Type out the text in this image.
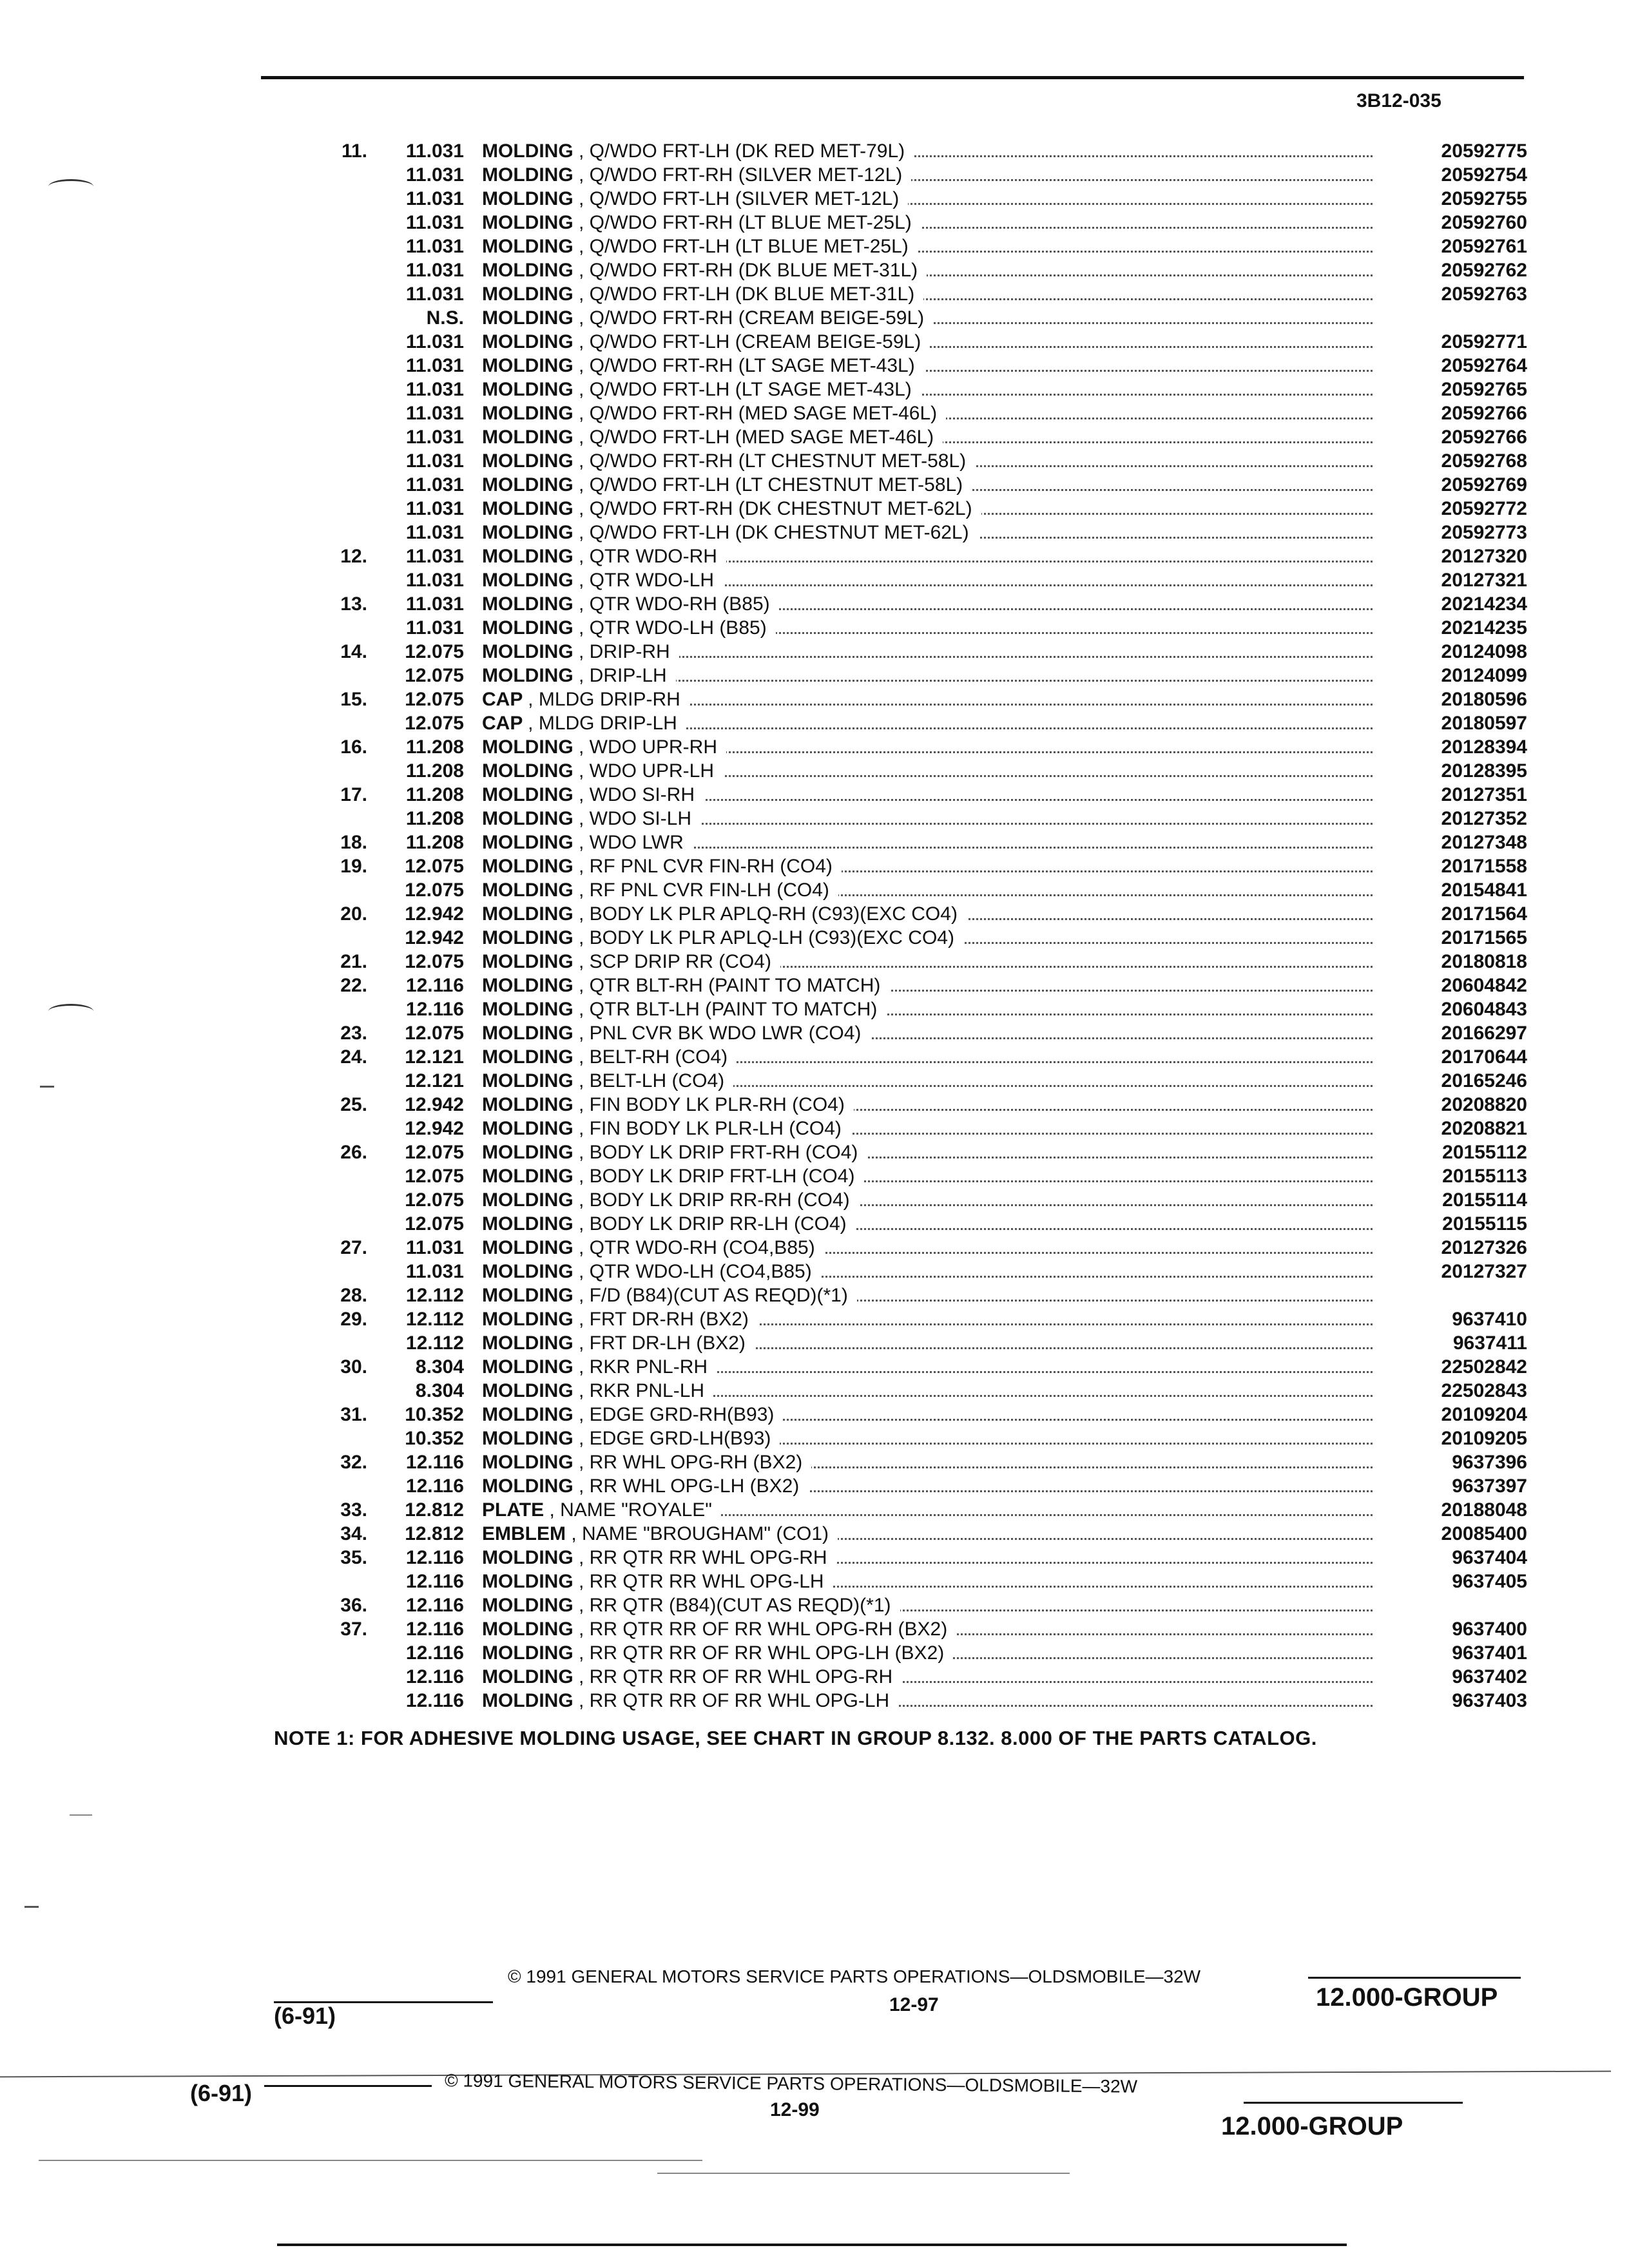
3B12-035
11.	11.031 MOLDING , Q/WDO FRT-LH (DK RED MET-79L)	20592775
11.031 MOLDING , Q/WDO FRT-RH (SILVER MET-12L)	20592754
11.031 MOLDING , Q/WDO FRT-LH (SILVER MET-12L)	20592755
11.031 MOLDING , Q/WDO FRT-RH (LT BLUE MET-25L)	20592760
11.031 MOLDING , Q/WDO FRT-LH (LT BLUE MET-25L)	20592761
11.031 MOLDING , Q/WDO FRT-RH (DK BLUE MET-31L)	20592762
11.031 MOLDING , Q/WDO FRT-LH (DK BLUE MET-31L)	20592763
N.S. MOLDING , Q/WDO FRT-RH (CREAM BEIGE-59L)
11.031 MOLDING , Q/WDO FRT-LH (CREAM BEIGE-59L)	20592771
11.031 MOLDING , Q/WDO FRT-RH (LT SAGE MET-43L)	20592764
11.031 MOLDING , Q/WDO FRT-LH (LT SAGE MET-43L)	20592765
11.031 MOLDING , Q/WDO FRT-RH (MED SAGE MET-46L)	20592766
11.031 MOLDING , Q/WDO FRT-LH (MED SAGE MET-46L)	20592766
11.031 MOLDING , Q/WDO FRT-RH (LT CHESTNUT MET-58L)	20592768
11.031 MOLDING , Q/WDO FRT-LH (LT CHESTNUT MET-58L)	20592769
11.031 MOLDING , Q/WDO FRT-RH (DK CHESTNUT MET-62L)	20592772
11.031 MOLDING , Q/WDO FRT-LH (DK CHESTNUT MET-62L)	20592773
12.	11.031 MOLDING , QTR WDO-RH	20127320
11.031 MOLDING , QTR WDO-LH	20127321
13.	11.031 MOLDING , QTR WDO-RH (B85)	20214234
11.031 MOLDING , QTR WDO-LH (B85)	20214235
14.	12.075 MOLDING , DRIP-RH	20124098
12.075 MOLDING , DRIP-LH	20124099
15.	12.075 CAP , MLDG DRIP-RH	20180596
12.075 CAP , MLDG DRIP-LH	20180597
16.	11.208 MOLDING , WDO UPR-RH	20128394
11.208 MOLDING , WDO UPR-LH	20128395
17.	11.208 MOLDING , WDO SI-RH	20127351
11.208 MOLDING , WDO SI-LH	20127352
18.	11.208 MOLDING , WDO LWR	20127348
19.	12.075 MOLDING , RF PNL CVR FIN-RH (CO4)	20171558
12.075 MOLDING , RF PNL CVR FIN-LH (CO4)	20154841
20.	12.942 MOLDING , BODY LK PLR APLQ-RH (C93)(EXC CO4)	20171564
12.942 MOLDING , BODY LK PLR APLQ-LH (C93)(EXC CO4)	20171565
21.	12.075 MOLDING , SCP DRIP RR (CO4)	20180818
22.	12.116 MOLDING , QTR BLT-RH (PAINT TO MATCH)	20604842
12.116 MOLDING , QTR BLT-LH (PAINT TO MATCH)	20604843
23.	12.075 MOLDING , PNL CVR BK WDO LWR (CO4)	20166297
24.	12.121 MOLDING , BELT-RH (CO4)	20170644
12.121 MOLDING , BELT-LH (CO4)	20165246
25.	12.942 MOLDING , FIN BODY LK PLR-RH (CO4)	20208820
12.942 MOLDING , FIN BODY LK PLR-LH (CO4)	20208821
26.	12.075 MOLDING , BODY LK DRIP FRT-RH (CO4)	20155112
12.075 MOLDING , BODY LK DRIP FRT-LH (CO4)	20155113
12.075 MOLDING , BODY LK DRIP RR-RH (CO4)	20155114
12.075 MOLDING , BODY LK DRIP RR-LH (CO4)	20155115
27.	11.031 MOLDING , QTR WDO-RH (CO4,B85)	20127326
11.031 MOLDING , QTR WDO-LH (CO4,B85)	20127327
28.	12.112 MOLDING , F/D (B84)(CUT AS REQD)(*1)
29.	12.112 MOLDING , FRT DR-RH (BX2)	9637410
12.112 MOLDING , FRT DR-LH (BX2)	9637411
30.	8.304 MOLDING , RKR PNL-RH	22502842
8.304 MOLDING , RKR PNL-LH	22502843
31.	10.352 MOLDING , EDGE GRD-RH(B93)	20109204
10.352 MOLDING , EDGE GRD-LH(B93)	20109205
32.	12.116 MOLDING , RR WHL OPG-RH (BX2)	9637396
12.116 MOLDING , RR WHL OPG-LH (BX2)	9637397
33.	12.812 PLATE , NAME "ROYALE"	20188048
34.	12.812 EMBLEM , NAME "BROUGHAM" (CO1)	20085400
35.	12.116 MOLDING , RR QTR RR WHL OPG-RH	9637404
12.116 MOLDING , RR QTR RR WHL OPG-LH	9637405
36.	12.116 MOLDING , RR QTR (B84)(CUT AS REQD)(*1)
37.	12.116 MOLDING , RR QTR RR OF RR WHL OPG-RH (BX2)	9637400
12.116 MOLDING , RR QTR RR OF RR WHL OPG-LH (BX2)	9637401
12.116 MOLDING , RR QTR RR OF RR WHL OPG-RH	9637402
12.116 MOLDING , RR QTR RR OF RR WHL OPG-LH	9637403
NOTE 1: FOR ADHESIVE MOLDING USAGE, SEE CHART IN GROUP 8.132. 8.000 OF THE PARTS CATALOG.
© 1991 GENERAL MOTORS SERVICE PARTS OPERATIONS—OLDSMOBILE—32W
(6-91)	12-97	12.000-GROUP
© 1991 GENERAL MOTORS SERVICE PARTS OPERATIONS—OLDSMOBILE—32W
(6-91)
12-99
12.000-GROUP
